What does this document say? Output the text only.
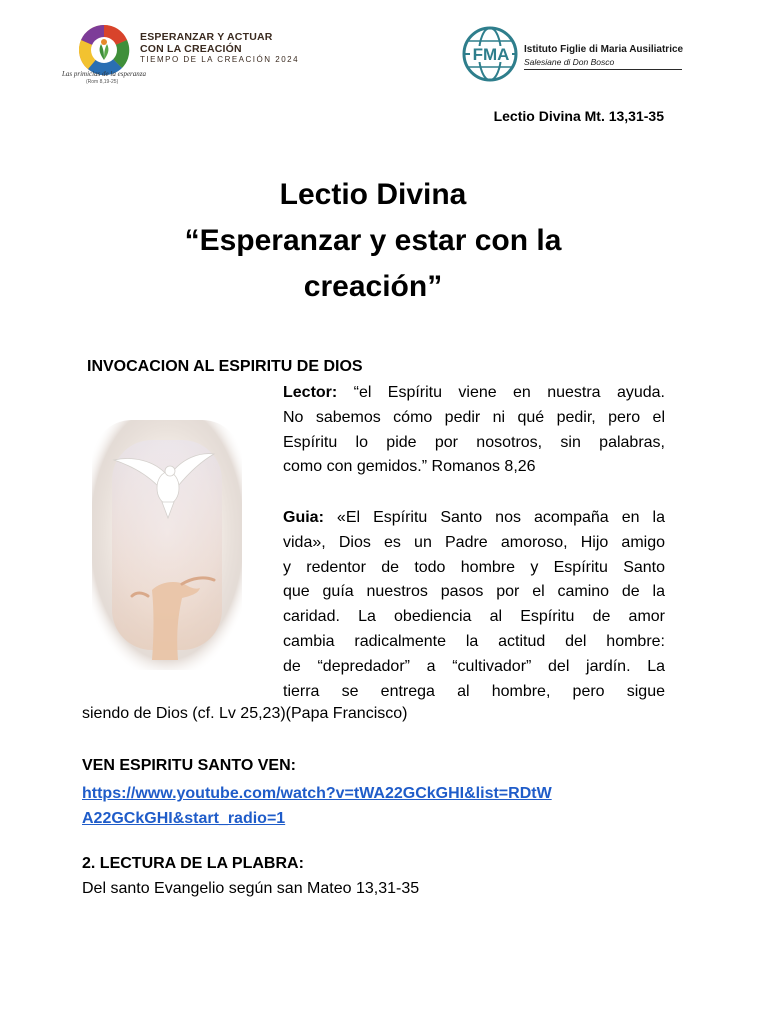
ESPERANZAR Y ACTUAR
CON LA CREACIÓN
TIEMPO DE LA CREACIÓN 2024
Las primicias de la esperanza
(Rom 8,19-25)
FMA Istituto Figlie di Maria Ausiliatrice
Salesiane di Don Bosco
Lectio Divina Mt. 13,31-35
Lectio Divina
“Esperanzar y estar con la
creación”
INVOCACION AL ESPIRITU DE DIOS
Lector: “el Espíritu viene en nuestra ayuda.
No sabemos cómo pedir ni qué pedir, pero el
Espíritu lo pide por nosotros, sin palabras,
como con gemidos.” Romanos 8,26
Guia: «El Espíritu Santo nos acompaña en la
vida», Dios es un Padre amoroso, Hijo amigo
y redentor de todo hombre y Espíritu Santo
que guía nuestros pasos por el camino de la
caridad. La obediencia al Espíritu de amor
cambia radicalmente la actitud del hombre:
de “depredador” a “cultivador” del jardín. La
tierra se entrega al hombre, pero sigue
siendo de Dios (cf. Lv 25,23)(Papa Francisco)
VEN ESPIRITU SANTO VEN:
https://www.youtube.com/watch?v=tWA22GCkGHI&list=RDtW
A22GCkGHI&start_radio=1
2. LECTURA DE LA PLABRA:
Del santo Evangelio según san Mateo 13,31-35
